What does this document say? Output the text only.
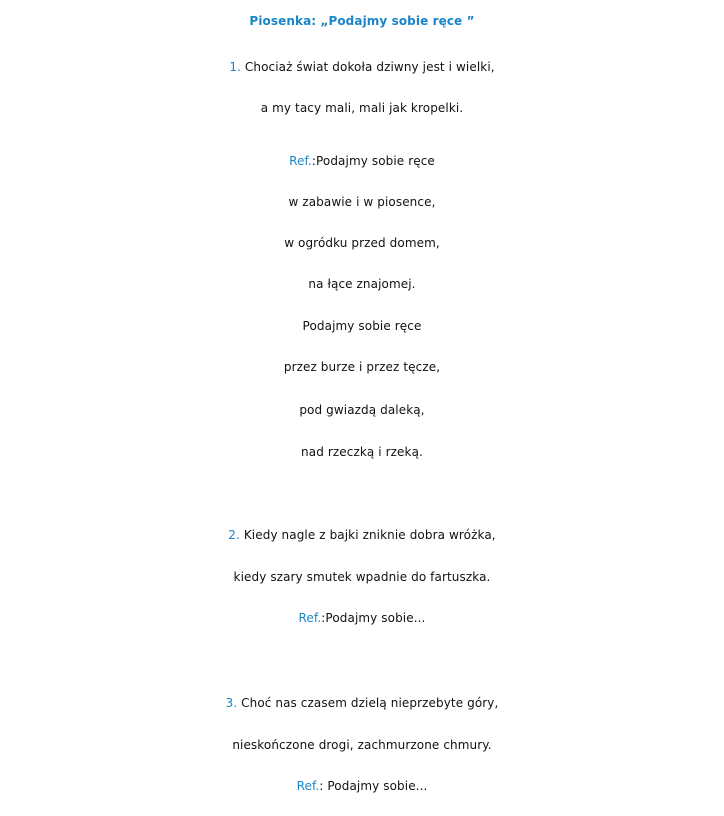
Piosenka: „Podajmy sobie ręce ”
1. Chociaż świat dokoła dziwny jest i wielki,
a my tacy mali, mali jak kropelki.
Ref.:Podajmy sobie ręce
w zabawie i w piosence,
w ogródku przed domem,
na łące znajomej.
Podajmy sobie ręce
przez burze i przez tęcze,
pod gwiazdą daleką,
nad rzeczką i rzeką.
2. Kiedy nagle z bajki zniknie dobra wróżka,
kiedy szary smutek wpadnie do fartuszka.
Ref.:Podajmy sobie...
3. Choć nas czasem dzielą nieprzebyte góry,
nieskończone drogi, zachmurzone chmury.
Ref.: Podajmy sobie...
